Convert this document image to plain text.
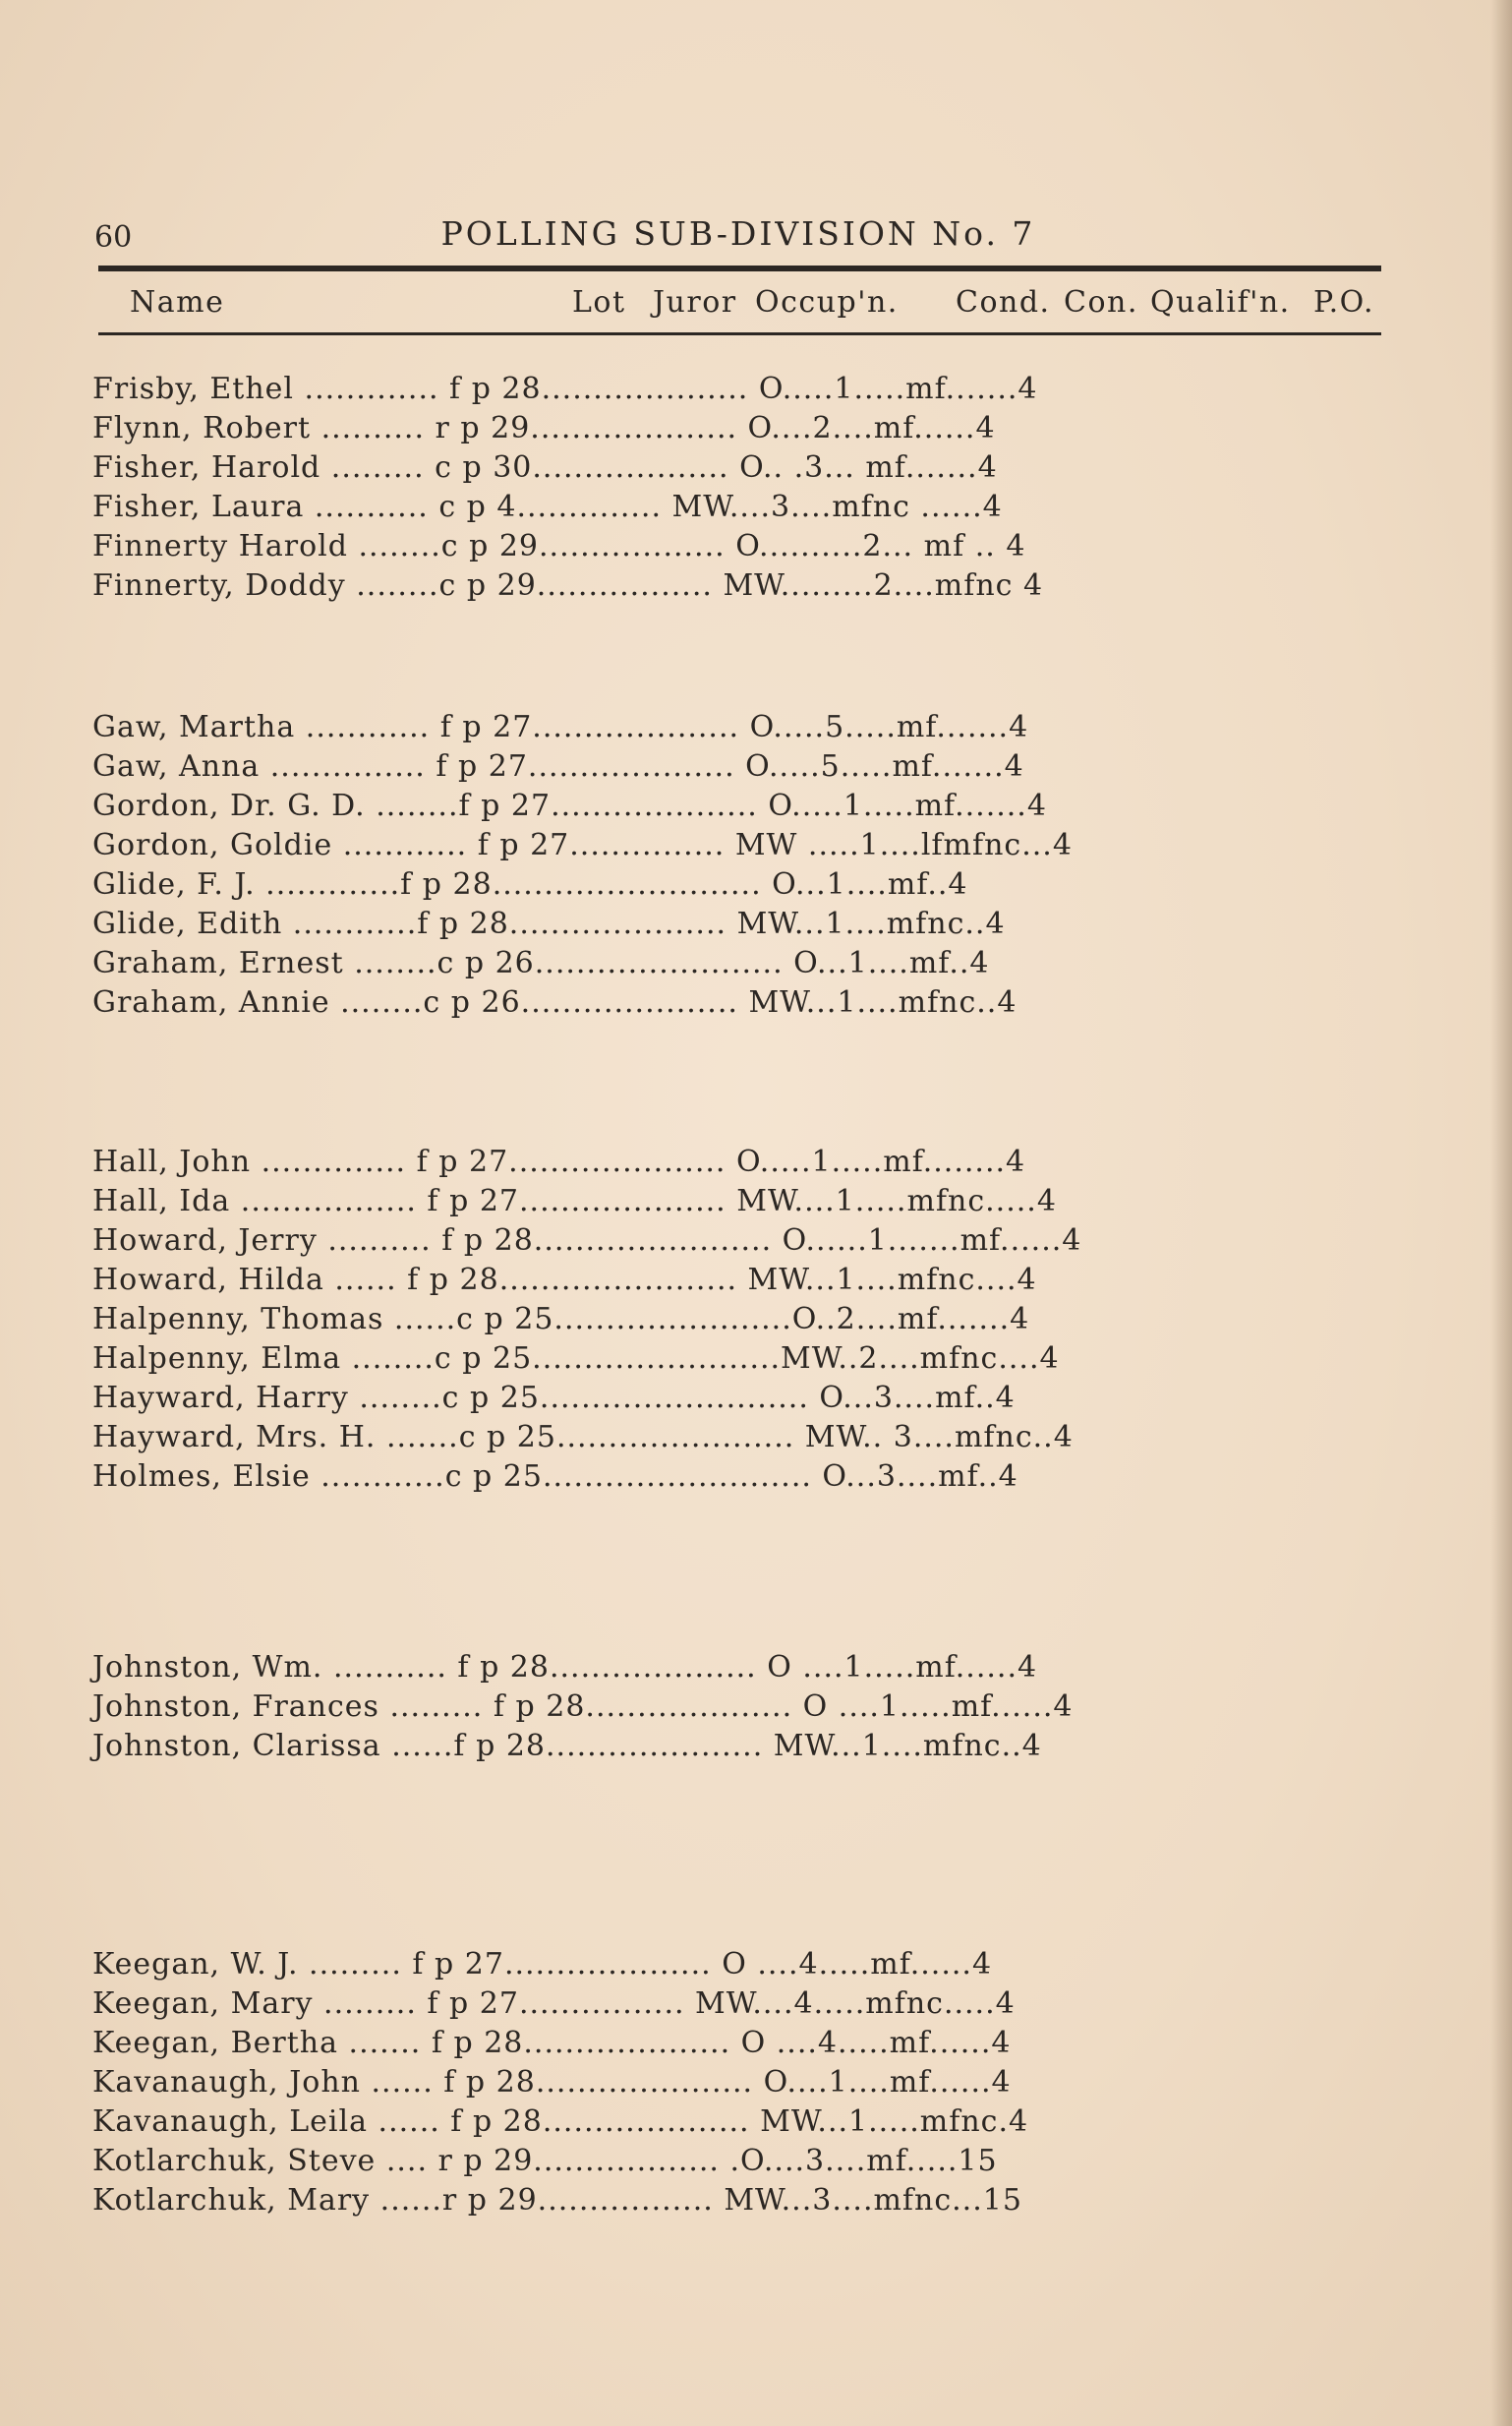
60	POLLING SUB-DIVISION No. 7
Name	Lot Juror Occup'n. Cond. Con. Qualif'n. P.O.
Frisby, Ethel ............. f p 28.................... O.....1.....mf.......4
Flynn, Robert .......... r p 29.................... O....2....mf......4
Fisher, Harold ......... c p 30................... O.. .3... mf.......4
Fisher, Laura ........... c p 4.............. MW....3....mfnc ......4
Finnerty Harold ........c p 29.................. O..........2... mf .. 4
Finnerty, Doddy ........c p 29................. MW.........2....mfnc 4
Gaw, Martha ............ f p 27.................... O.....5.....mf.......4
Gaw, Anna ............... f p 27.................... O.....5.....mf.......4
Gordon, Dr. G. D. ........f p 27.................... O.....1.....mf.......4
Gordon, Goldie ............ f p 27............... MW .....1....lfmfnc...4
Glide, F. J. .............f p 28.......................... O...1....mf..4
Glide, Edith ............f p 28..................... MW...1....mfnc..4
Graham, Ernest ........c p 26........................ O...1....mf..4
Graham, Annie ........c p 26..................... MW...1....mfnc..4
Hall, John .............. f p 27..................... O.....1.....mf........4
Hall, Ida ................. f p 27.................... MW....1.....mfnc.....4
Howard, Jerry .......... f p 28....................... O......1.......mf......4
Howard, Hilda ...... f p 28....................... MW...1....mfnc....4
Halpenny, Thomas ......c p 25.......................O..2....mf.......4
Halpenny, Elma ........c p 25........................MW..2....mfnc....4
Hayward, Harry ........c p 25.......................... O...3....mf..4
Hayward, Mrs. H. .......c p 25....................... MW.. 3....mfnc..4
Holmes, Elsie ............c p 25.......................... O...3....mf..4
Johnston, Wm. ........... f p 28.................... O ....1.....mf......4
Johnston, Frances ......... f p 28.................... O ....1.....mf......4
Johnston, Clarissa ......f p 28..................... MW...1....mfnc..4
Keegan, W. J. ......... f p 27.................... O ....4.....mf......4
Keegan, Mary ......... f p 27................ MW....4.....mfnc.....4
Keegan, Bertha ....... f p 28.................... O ....4.....mf......4
Kavanaugh, John ...... f p 28..................... O....1....mf......4
Kavanaugh, Leila ...... f p 28.................... MW...1.....mfnc.4
Kotlarchuk, Steve .... r p 29.................. .O....3....mf.....15
Kotlarchuk, Mary ......r p 29................. MW...3....mfnc...15
